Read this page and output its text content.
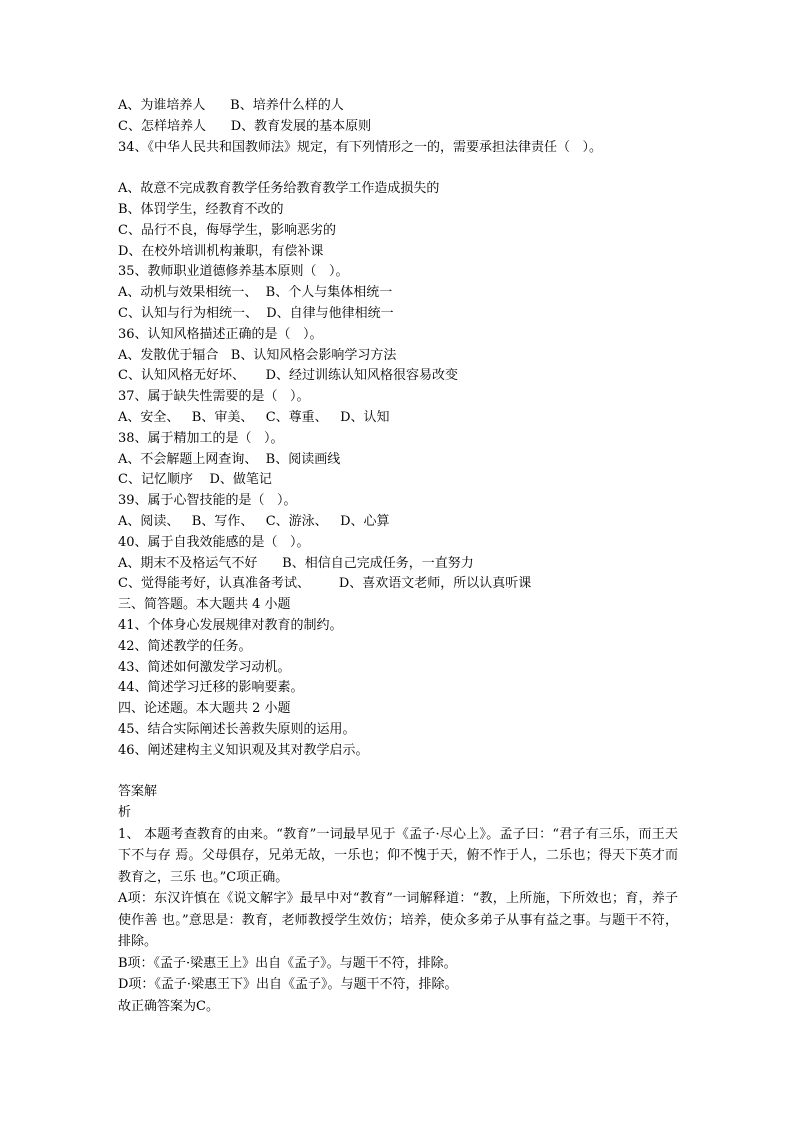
A、为谁培养人      B、培养什么样的人
C、怎样培养人      D、教育发展的基本原则
34、《中华人民共和国教师法》规定，有下列情形之一的，需要承担法律责任（   ）。
A、故意不完成教育教学任务给教育教学工作造成损失的
B、体罚学生，经教育不改的
C、品行不良，侮辱学生，影响恶劣的
D、在校外培训机构兼职，有偿补课
35、教师职业道德修养基本原则（   ）。
A、动机与效果相统一、  B、个人与集体相统一
C、认知与行为相统一、  D、自律与他律相统一
36、认知风格描述正确的是（   ）。
A、发散优于辐合   B、认知风格会影响学习方法
C、认知风格无好坏、     D、经过训练认知风格很容易改变
37、属于缺失性需要的是（   ）。
A、安全、   B、审美、   C、尊重、   D、认知
38、属于精加工的是（   ）。
A、不会解题上网查询、  B、阅读画线
C、记忆顺序    D、做笔记
39、属于心智技能的是（   ）。
A、阅读、   B、写作、   C、游泳、   D、心算
40、属于自我效能感的是（   ）。
A、期末不及格运气不好      B、相信自己完成任务，一直努力
C、觉得能考好，认真准备考试、       D、喜欢语文老师，所以认真听课
三、简答题。本大题共 4 小题
41、个体身心发展规律对教育的制约。
42、简述教学的任务。
43、简述如何激发学习动机。
44、简述学习迁移的影响要素。
四、论述题。本大题共 2 小题
45、结合实际阐述长善救失原则的运用。
46、阐述建构主义知识观及其对教学启示。
答案解
析
1、 本题考查教育的由来。“教育”一词最早见于《孟子·尽心上》。孟子曰：“君子有三乐，而王天下不与存 焉。父母俱存，兄弟无故，一乐也；仰不愧于天，俯不怍于人，二乐也；得天下英才而教育之，三乐 也。”C项正确。
A项：东汉许慎在《说文解字》最早中对“教育”一词解释道：“教，上所施，下所效也；育，养子使作善 也。”意思是：教育，老师教授学生效仿；培养，使众多弟子从事有益之事。与题干不符，排除。
B项：《孟子·梁惠王上》出自《孟子》。与题干不符，排除。
D项：《孟子·梁惠王下》出自《孟子》。与题干不符，排除。
故正确答案为C。
